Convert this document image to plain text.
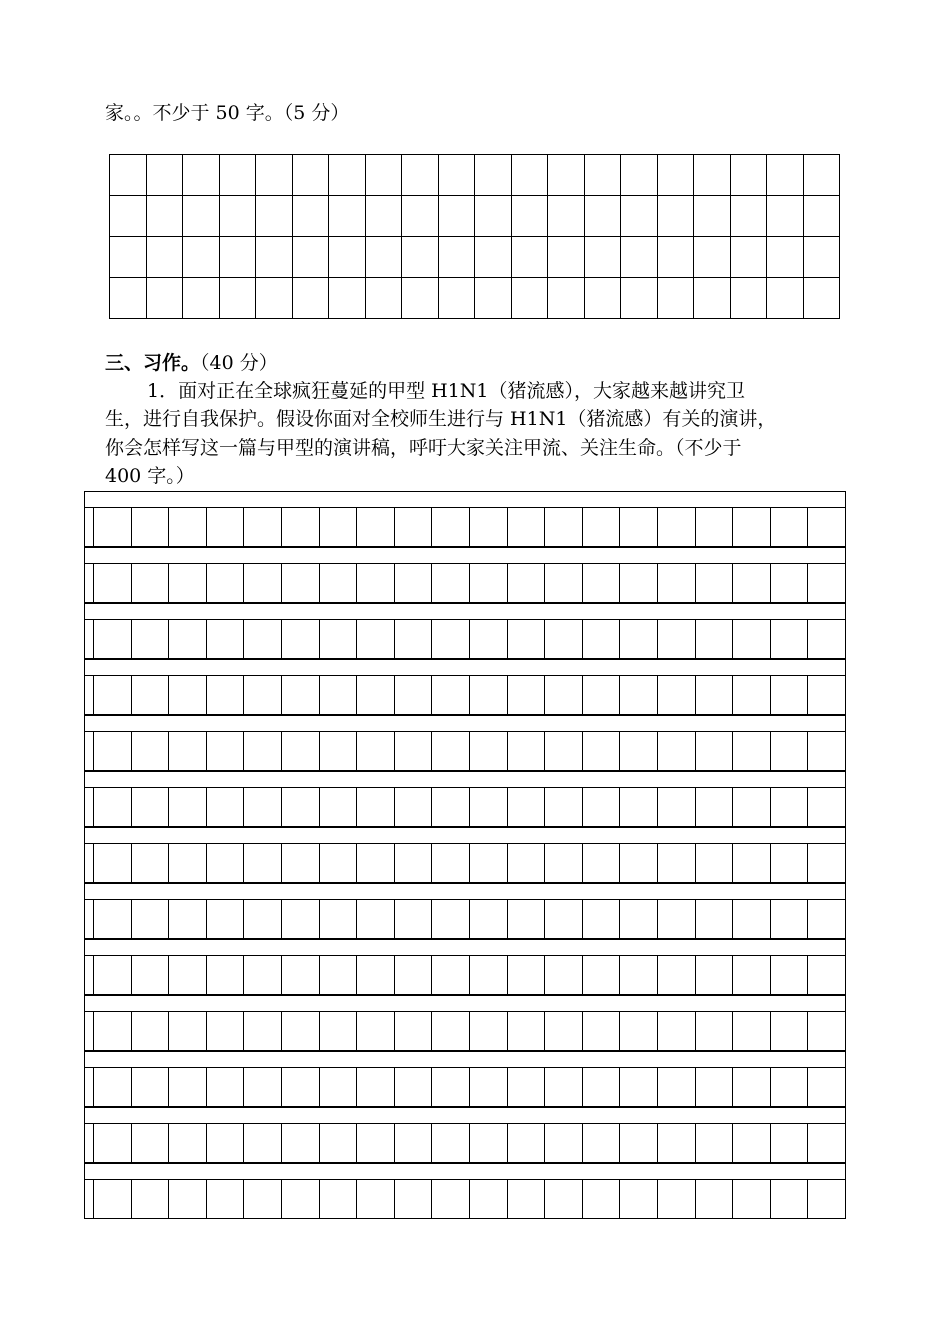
家。。不少于 50 字。（5 分）

三、习作。（40 分）

1．面对正在全球疯狂蔓延的甲型 H1N1（猪流感），大家越来越讲究卫

生，进行自我保护。假设你面对全校师生进行与 H1N1（猪流感）有关的演讲，

你会怎样写这一篇与甲型的演讲稿，呼吁大家关注甲流、关注生命。（不少于

400 字。）
